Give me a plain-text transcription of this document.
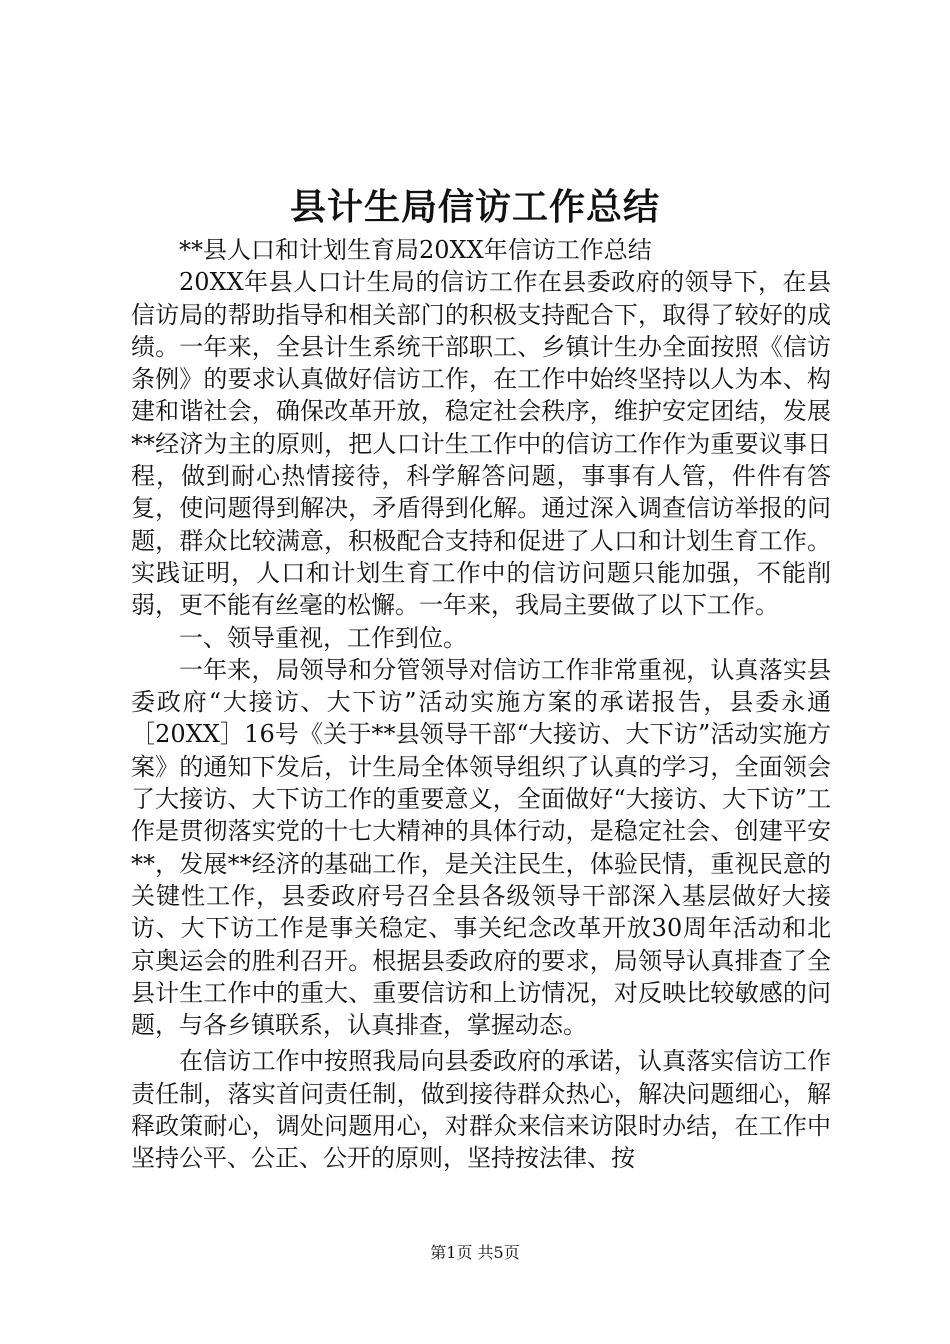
县计生局信访工作总结

**县人口和计划生育局20XX年信访工作总结

20XX年县人口计生局的信访工作在县委政府的领导下，在县信访局的帮助指导和相关部门的积极支持配合下，取得了较好的成绩。一年来，全县计生系统干部职工、乡镇计生办全面按照《信访条例》的要求认真做好信访工作，在工作中始终坚持以人为本、构建和谐社会，确保改革开放，稳定社会秩序，维护安定团结，发展**经济为主的原则，把人口计生工作中的信访工作作为重要议事日程，做到耐心热情接待，科学解答问题，事事有人管，件件有答复，使问题得到解决，矛盾得到化解。通过深入调查信访举报的问题，群众比较满意，积极配合支持和促进了人口和计划生育工作。实践证明，人口和计划生育工作中的信访问题只能加强，不能削弱，更不能有丝毫的松懈。一年来，我局主要做了以下工作。

一、领导重视，工作到位。

一年来，局领导和分管领导对信访工作非常重视，认真落实县委政府“大接访、大下访”活动实施方案的承诺报告，县委永通［20XX］16号《关于**县领导干部“大接访、大下访”活动实施方案》的通知下发后，计生局全体领导组织了认真的学习，全面领会了大接访、大下访工作的重要意义，全面做好“大接访、大下访”工作是贯彻落实党的十七大精神的具体行动，是稳定社会、创建平安**，发展**经济的基础工作，是关注民生，体验民情，重视民意的关键性工作，县委政府号召全县各级领导干部深入基层做好大接访、大下访工作是事关稳定、事关纪念改革开放30周年活动和北京奥运会的胜利召开。根据县委政府的要求，局领导认真排查了全县计生工作中的重大、重要信访和上访情况，对反映比较敏感的问题，与各乡镇联系，认真排查，掌握动态。

在信访工作中按照我局向县委政府的承诺，认真落实信访工作责任制，落实首问责任制，做到接待群众热心，解决问题细心，解释政策耐心，调处问题用心，对群众来信来访限时办结，在工作中坚持公平、公正、公开的原则，坚持按法律、按

第1页 共5页
